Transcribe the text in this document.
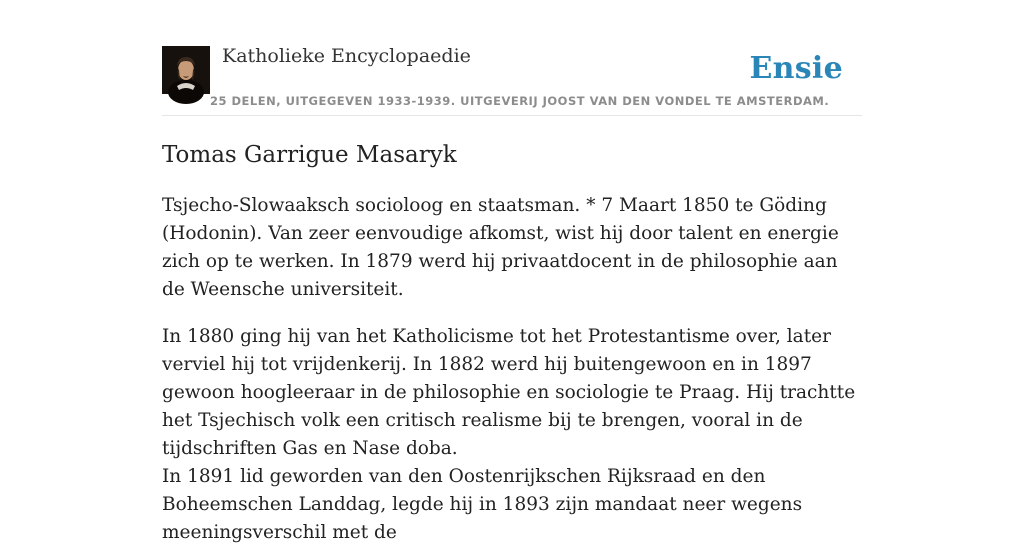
Katholieke Encyclopaedie	Ensie
25 DELEN, UITGEGEVEN 1933-1939. UITGEVERIJ JOOST VAN DEN VONDEL TE AMSTERDAM.
Tomas Garrigue Masaryk

Tsjecho-Slowaaksch socioloog en staatsman. * 7 Maart 1850 te Göding (Hodonin). Van zeer eenvoudige afkomst, wist hij door talent en energie zich op te werken. In 1879 werd hij privaatdocent in de philosophie aan de Weensche universiteit.

In 1880 ging hij van het Katholicisme tot het Protestantisme over, later verviel hij tot vrijdenkerij. In 1882 werd hij buitengewoon en in 1897 gewoon hoogleeraar in de philosophie en sociologie te Praag. Hij trachtte het Tsjechisch volk een critisch realisme bij te brengen, vooral in de tijdschriften Gas en Nase doba.

In 1891 lid geworden van den Oostenrijkschen Rijksraad en den Boheemschen Landdag, legde hij in 1893 zijn mandaat neer wegens meeningsverschil met de
